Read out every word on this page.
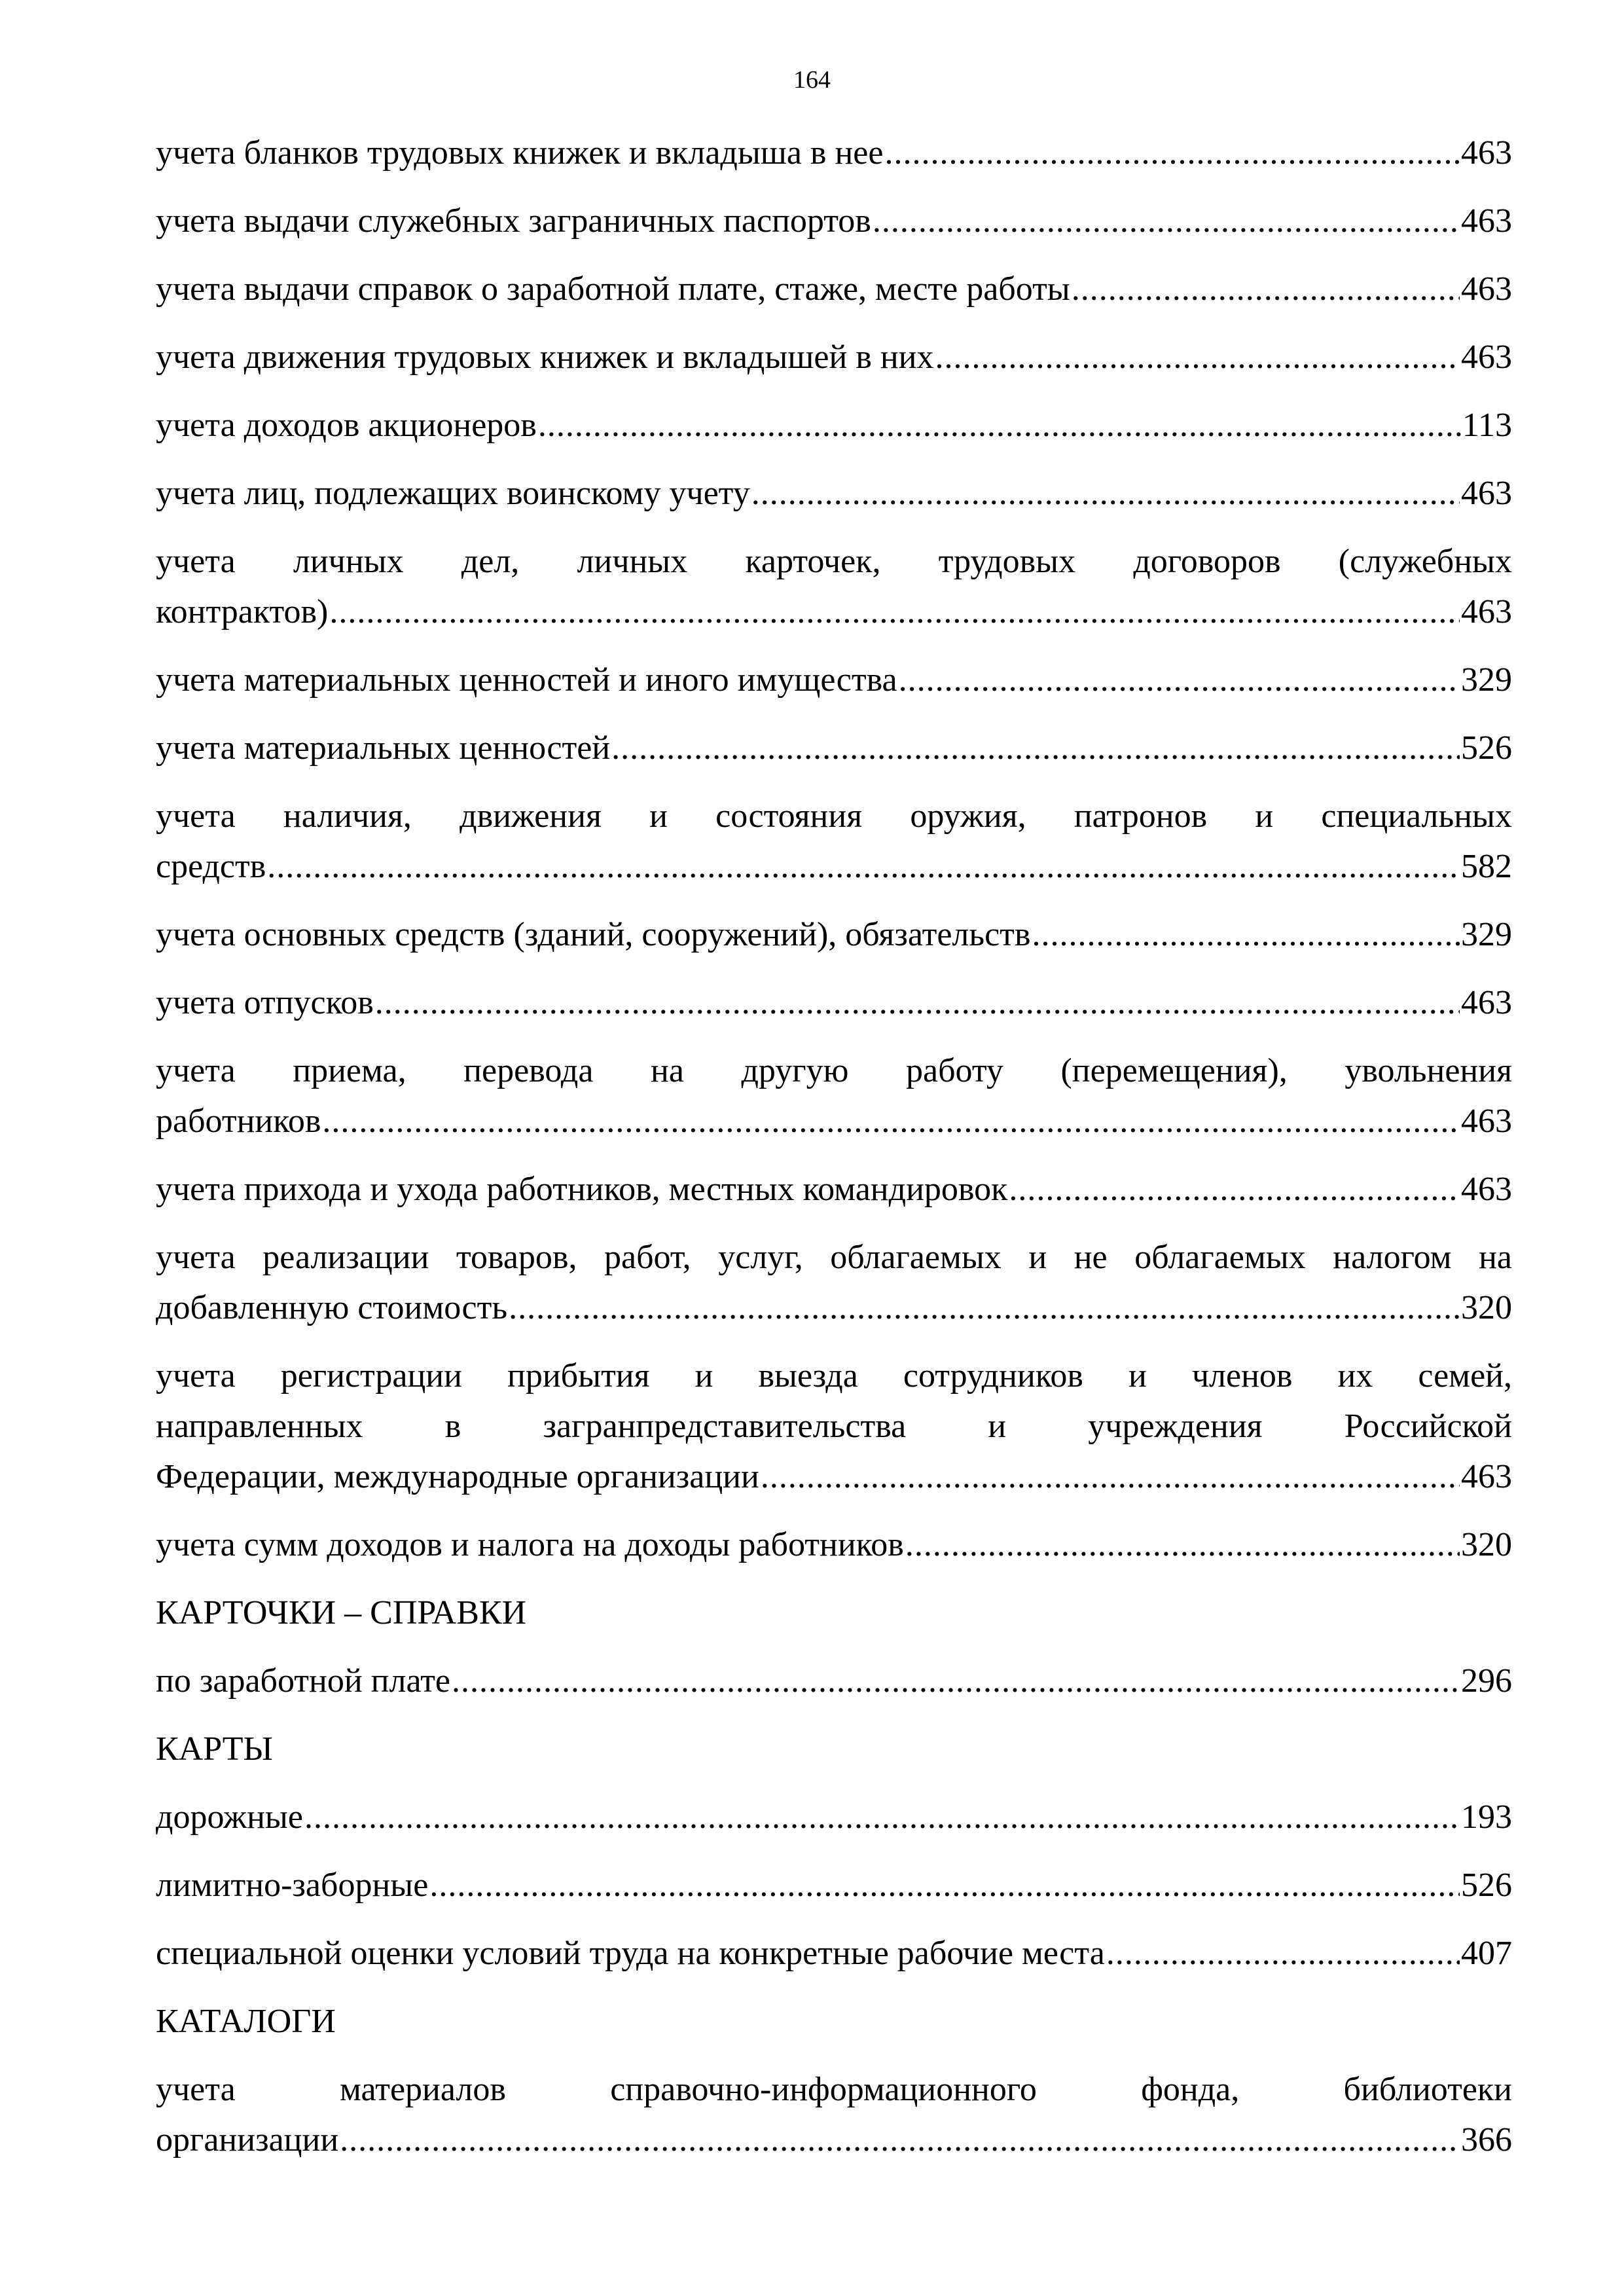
164
учета бланков трудовых книжек и вкладыша в нее .....	463
учета выдачи служебных заграничных паспортов .....	463
учета выдачи справок о заработной плате, стаже, месте работы .....	463
учета движения трудовых книжек и вкладышей в них .....	463
учета доходов акционеров .....	113
учета лиц, подлежащих воинскому учету .....	463
учета личных дел, личных карточек, трудовых договоров (служебных
контрактов) .....	463
учета материальных ценностей и иного имущества .....	329
учета материальных ценностей .....	526
учета наличия, движения и состояния оружия, патронов и специальных
средств .....	582
учета основных средств (зданий, сооружений), обязательств .....	329
учета отпусков .....	463
учета приема, перевода на другую работу (перемещения), увольнения
работников .....	463
учета прихода и ухода работников, местных командировок .....	463
учета реализации товаров, работ, услуг, облагаемых и не облагаемых налогом на
добавленную стоимость .....	320
учета регистрации прибытия и выезда сотрудников и членов их семей,
направленных в загранпредставительства и учреждения Российской
Федерации, международные организации .....	463
учета сумм доходов и налога на доходы работников .....	320
КАРТОЧКИ – СПРАВКИ
по заработной плате .....	296
КАРТЫ
дорожные .....	193
лимитно-заборные .....	526
специальной оценки условий труда на конкретные рабочие места .....	407
КАТАЛОГИ
учета материалов справочно-информационного фонда, библиотеки
организации .....	366
